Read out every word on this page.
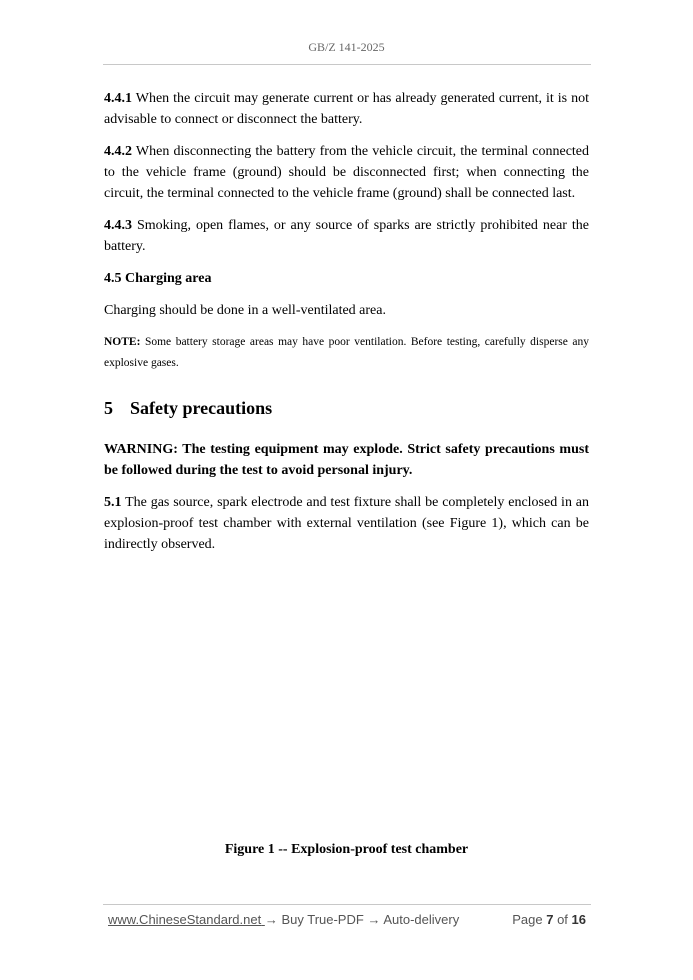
GB/Z 141-2025

4.4.1 When the circuit may generate current or has already generated current, it is not advisable to connect or disconnect the battery.

4.4.2 When disconnecting the battery from the vehicle circuit, the terminal connected to the vehicle frame (ground) should be disconnected first; when connecting the circuit, the terminal connected to the vehicle frame (ground) shall be connected last.

4.4.3 Smoking, open flames, or any source of sparks are strictly prohibited near the battery.

4.5 Charging area

Charging should be done in a well-ventilated area.

NOTE: Some battery storage areas may have poor ventilation. Before testing, carefully disperse any explosive gases.

5 Safety precautions

WARNING: The testing equipment may explode. Strict safety precautions must be followed during the test to avoid personal injury.

5.1 The gas source, spark electrode and test fixture shall be completely enclosed in an explosion-proof test chamber with external ventilation (see Figure 1), which can be indirectly observed.

Figure 1 -- Explosion-proof test chamber
www.ChineseStandard.net → Buy True-PDF → Auto-delivery	Page 7 of 16
